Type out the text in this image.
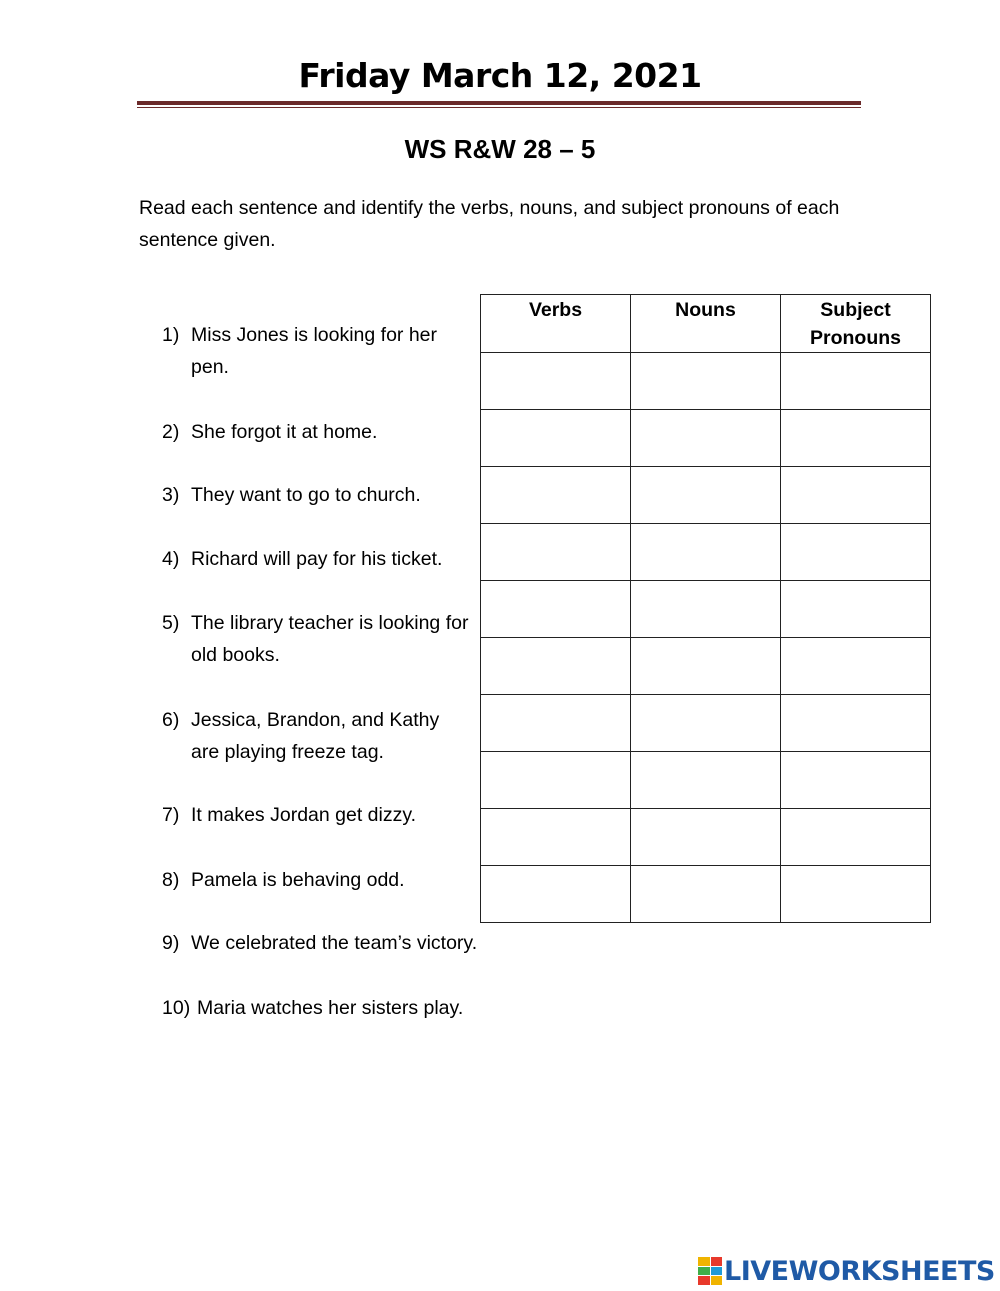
Friday March 12, 2021
WS R&W 28 – 5
Read each sentence and identify the verbs, nouns, and subject pronouns of each sentence given.
1) Miss Jones is looking for her pen.
2) She forgot it at home.
3) They want to go to church.
4) Richard will pay for his ticket.
5) The library teacher is looking for old books.
6) Jessica, Brandon, and Kathy are playing freeze tag.
7) It makes Jordan get dizzy.
8) Pamela is behaving odd.
9) We celebrated the team’s victory.
10) Maria watches her sisters play.
Verbs	Nouns	Subject Pronouns

LIVEWORKSHEETS
